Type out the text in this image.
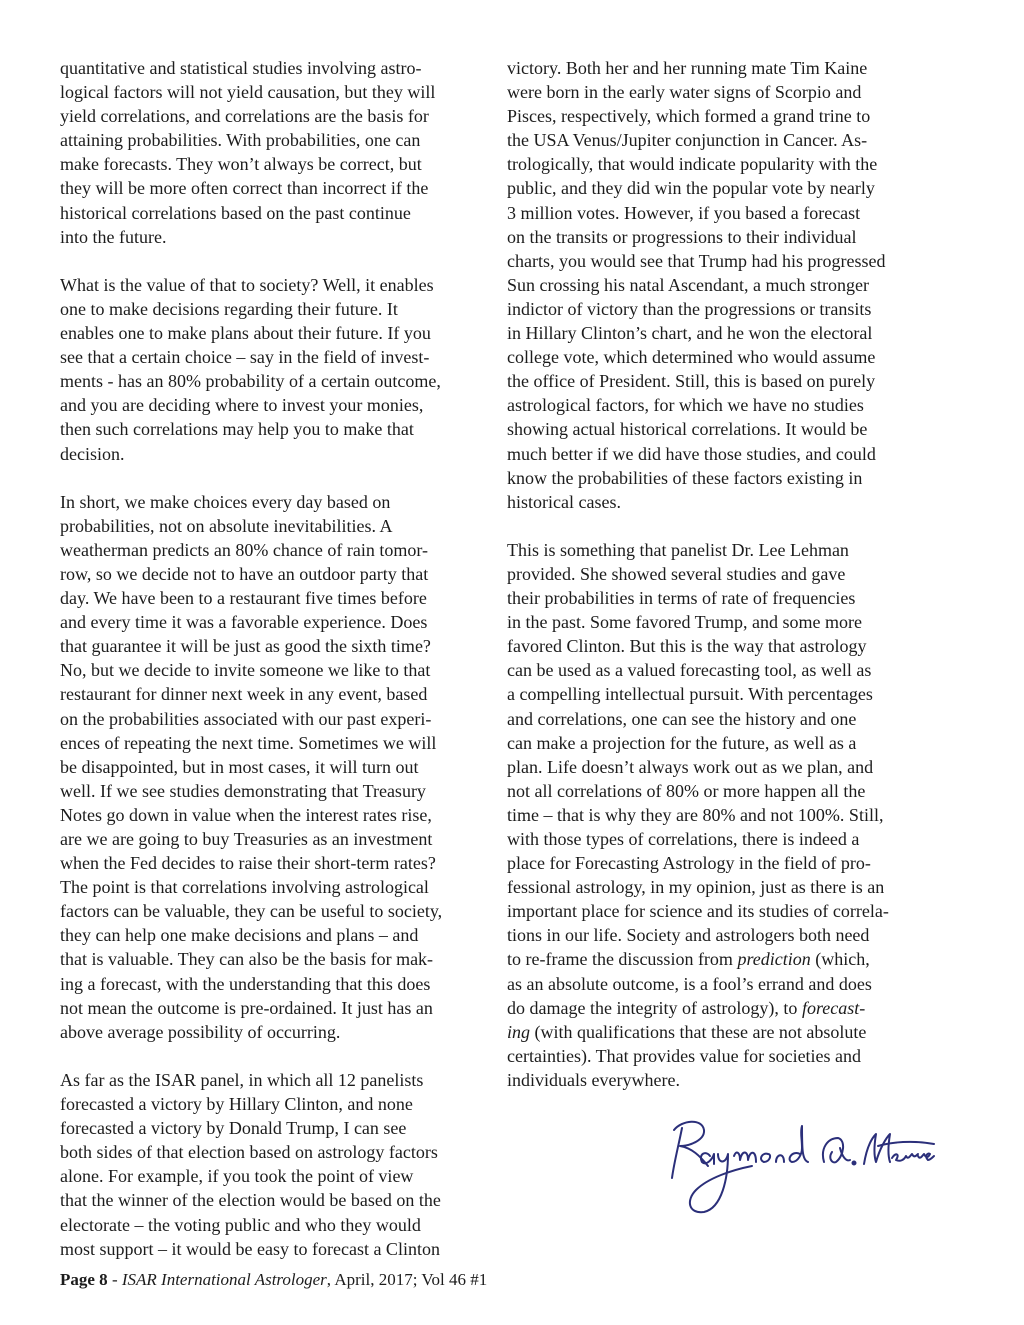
quantitative and statistical studies involving astro-
logical factors will not yield causation, but they will
yield correlations, and correlations are the basis for
attaining probabilities. With probabilities, one can
make forecasts. They won’t always be correct, but
they will be more often correct than incorrect if the
historical correlations based on the past continue
into the future.

What is the value of that to society? Well, it enables
one to make decisions regarding their future. It
enables one to make plans about their future. If you
see that a certain choice – say in the field of invest-
ments - has an 80% probability of a certain outcome,
and you are deciding where to invest your monies,
then such correlations may help you to make that
decision.

In short, we make choices every day based on
probabilities, not on absolute inevitabilities. A
weatherman predicts an 80% chance of rain tomor-
row, so we decide not to have an outdoor party that
day. We have been to a restaurant five times before
and every time it was a favorable experience. Does
that guarantee it will be just as good the sixth time?
No, but we decide to invite someone we like to that
restaurant for dinner next week in any event, based
on the probabilities associated with our past experi-
ences of repeating the next time. Sometimes we will
be disappointed, but in most cases, it will turn out
well. If we see studies demonstrating that Treasury
Notes go down in value when the interest rates rise,
are we are going to buy Treasuries as an investment
when the Fed decides to raise their short-term rates?
The point is that correlations involving astrological
factors can be valuable, they can be useful to society,
they can help one make decisions and plans – and
that is valuable. They can also be the basis for mak-
ing a forecast, with the understanding that this does
not mean the outcome is pre-ordained. It just has an
above average possibility of occurring.

As far as the ISAR panel, in which all 12 panelists
forecasted a victory by Hillary Clinton, and none
forecasted a victory by Donald Trump, I can see
both sides of that election based on astrology factors
alone. For example, if you took the point of view
that the winner of the election would be based on the
electorate – the voting public and who they would
most support – it would be easy to forecast a Clinton

victory. Both her and her running mate Tim Kaine
were born in the early water signs of Scorpio and
Pisces, respectively, which formed a grand trine to
the USA Venus/Jupiter conjunction in Cancer. As-
trologically, that would indicate popularity with the
public, and they did win the popular vote by nearly
3 million votes. However, if you based a forecast
on the transits or progressions to their individual
charts, you would see that Trump had his progressed
Sun crossing his natal Ascendant, a much stronger
indictor of victory than the progressions or transits
in Hillary Clinton’s chart, and he won the electoral
college vote, which determined who would assume
the office of President. Still, this is based on purely
astrological factors, for which we have no studies
showing actual historical correlations. It would be
much better if we did have those studies, and could
know the probabilities of these factors existing in
historical cases.

This is something that panelist Dr. Lee Lehman
provided. She showed several studies and gave
their probabilities in terms of rate of frequencies
in the past. Some favored Trump, and some more
favored Clinton. But this is the way that astrology
can be used as a valued forecasting tool, as well as
a compelling intellectual pursuit. With percentages
and correlations, one can see the history and one
can make a projection for the future, as well as a
plan. Life doesn’t always work out as we plan, and
not all correlations of 80% or more happen all the
time – that is why they are 80% and not 100%. Still,
with those types of correlations, there is indeed a
place for Forecasting Astrology in the field of pro-
fessional astrology, in my opinion, just as there is an
important place for science and its studies of correla-
tions in our life. Society and astrologers both need
to re-frame the discussion from prediction (which,
as an absolute outcome, is a fool’s errand and does
do damage the integrity of astrology), to forecast-
ing (with qualifications that these are not absolute
certainties). That provides value for societies and
individuals everywhere.

Page 8 - ISAR International Astrologer, April, 2017; Vol 46 #1
